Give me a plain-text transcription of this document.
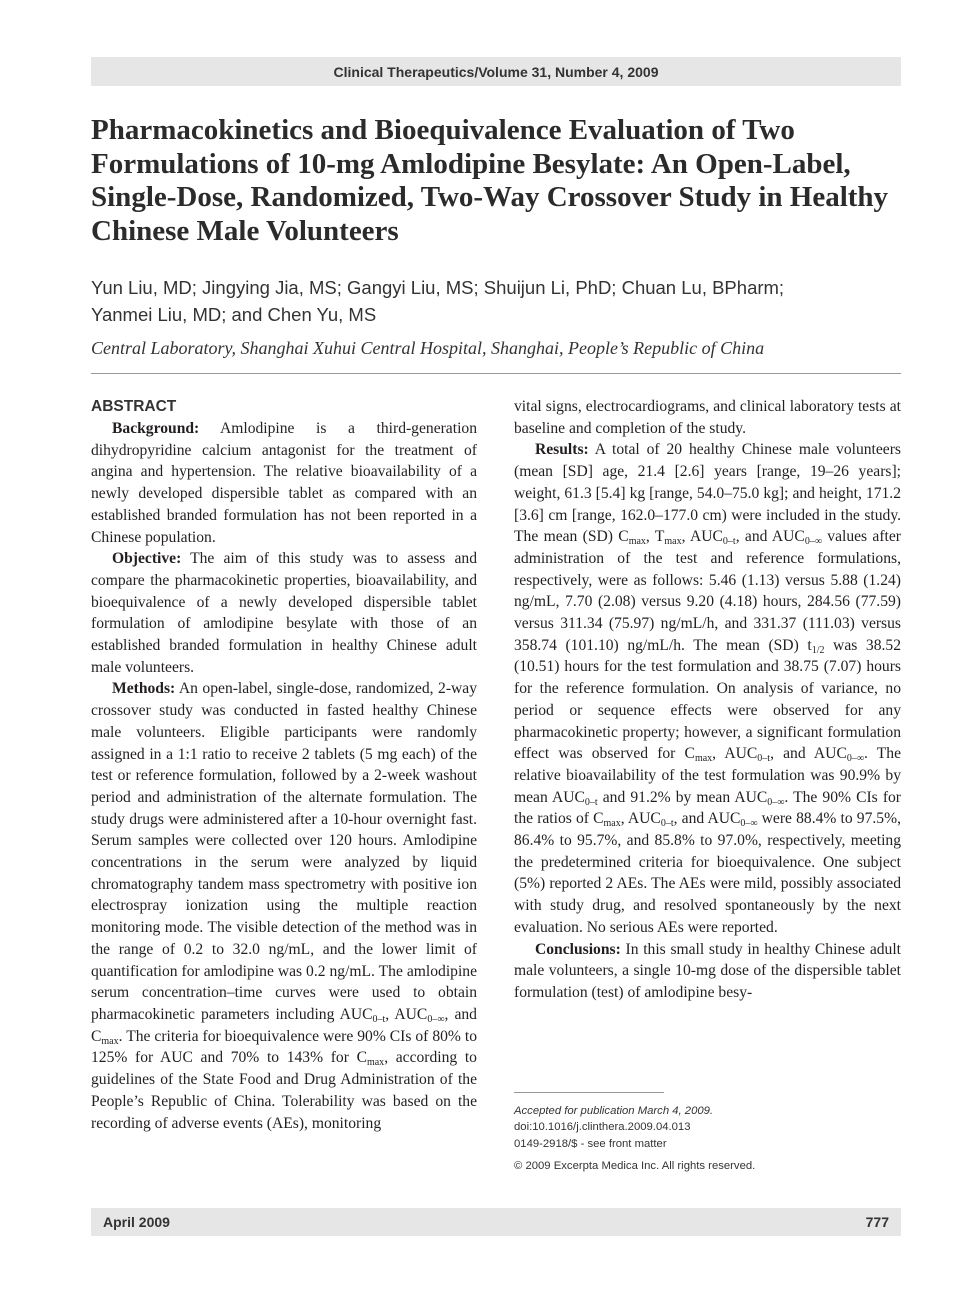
Clinical Therapeutics/Volume 31, Number 4, 2009
Pharmacokinetics and Bioequivalence Evaluation of Two Formulations of 10-mg Amlodipine Besylate: An Open-Label, Single-Dose, Randomized, Two-Way Crossover Study in Healthy Chinese Male Volunteers
Yun Liu, MD; Jingying Jia, MS; Gangyi Liu, MS; Shuijun Li, PhD; Chuan Lu, BPharm;
Yanmei Liu, MD; and Chen Yu, MS
Central Laboratory, Shanghai Xuhui Central Hospital, Shanghai, People’s Republic of China
ABSTRACT

Background: Amlodipine is a third-generation dihydropyridine calcium antagonist for the treatment of angina and hypertension. The relative bioavailability of a newly developed dispersible tablet as compared with an established branded formulation has not been reported in a Chinese population.

Objective: The aim of this study was to assess and compare the pharmacokinetic properties, bioavailability, and bioequivalence of a newly developed dispersible tablet formulation of amlodipine besylate with those of an established branded formulation in healthy Chinese adult male volunteers.

Methods: An open-label, single-dose, randomized, 2-way crossover study was conducted in fasted healthy Chinese male volunteers. Eligible participants were randomly assigned in a 1:1 ratio to receive 2 tablets (5 mg each) of the test or reference formulation, followed by a 2-week washout period and administration of the alternate formulation. The study drugs were administered after a 10-hour overnight fast. Serum samples were collected over 120 hours. Amlodipine concentrations in the serum were analyzed by liquid chromatography tandem mass spectrometry with positive ion electrospray ionization using the multiple reaction monitoring mode. The visible detection of the method was in the range of 0.2 to 32.0 ng/mL, and the lower limit of quantification for amlodipine was 0.2 ng/mL. The amlodipine serum concentration–time curves were used to obtain pharmacokinetic parameters including $AUC_{0-t}$, $AUC_{0-\infty}$, and $C_{max}$. The criteria for bioequivalence were 90% CIs of 80% to 125% for AUC and 70% to 143% for $C_{max}$, according to guidelines of the State Food and Drug Administration of the People’s Republic of China. Tolerability was based on the recording of adverse events (AEs), monitoring

vital signs, electrocardiograms, and clinical laboratory tests at baseline and completion of the study.

Results: A total of 20 healthy Chinese male volunteers (mean [SD] age, 21.4 [2.6] years [range, 19–26 years]; weight, 61.3 [5.4] kg [range, 54.0–75.0 kg]; and height, 171.2 [3.6] cm [range, 162.0–177.0 cm) were included in the study. The mean (SD) $C_{max}$, $T_{max}$, $AUC_{0-t}$, and $AUC_{0-\infty}$ values after administration of the test and reference formulations, respectively, were as follows: 5.46 (1.13) versus 5.88 (1.24) ng/mL, 7.70 (2.08) versus 9.20 (4.18) hours, 284.56 (77.59) versus 311.34 (75.97) ng/mL/h, and 331.37 (111.03) versus 358.74 (101.10) ng/mL/h. The mean (SD) $t_{1/2}$ was 38.52 (10.51) hours for the test formulation and 38.75 (7.07) hours for the reference formulation. On analysis of variance, no period or sequence effects were observed for any pharmacokinetic property; however, a significant formulation effect was observed for $C_{max}$, $AUC_{0-t}$, and $AUC_{0-\infty}$. The relative bioavailability of the test formulation was 90.9% by mean $AUC_{0-t}$ and 91.2% by mean $AUC_{0-\infty}$. The 90% CIs for the ratios of $C_{max}$, $AUC_{0-t}$, and $AUC_{0-\infty}$ were 88.4% to 97.5%, 86.4% to 95.7%, and 85.8% to 97.0%, respectively, meeting the predetermined criteria for bioequivalence. One subject (5%) reported 2 AEs. The AEs were mild, possibly associated with study drug, and resolved spontaneously by the next evaluation. No serious AEs were reported.

Conclusions: In this small study in healthy Chinese adult male volunteers, a single 10-mg dose of the dispersible tablet formulation (test) of amlodipine besy-

Accepted for publication March 4, 2009.
doi:10.1016/j.clinthera.2009.04.013
0149-2918/$ - see front matter
© 2009 Excerpta Medica Inc. All rights reserved.
April 2009	777
